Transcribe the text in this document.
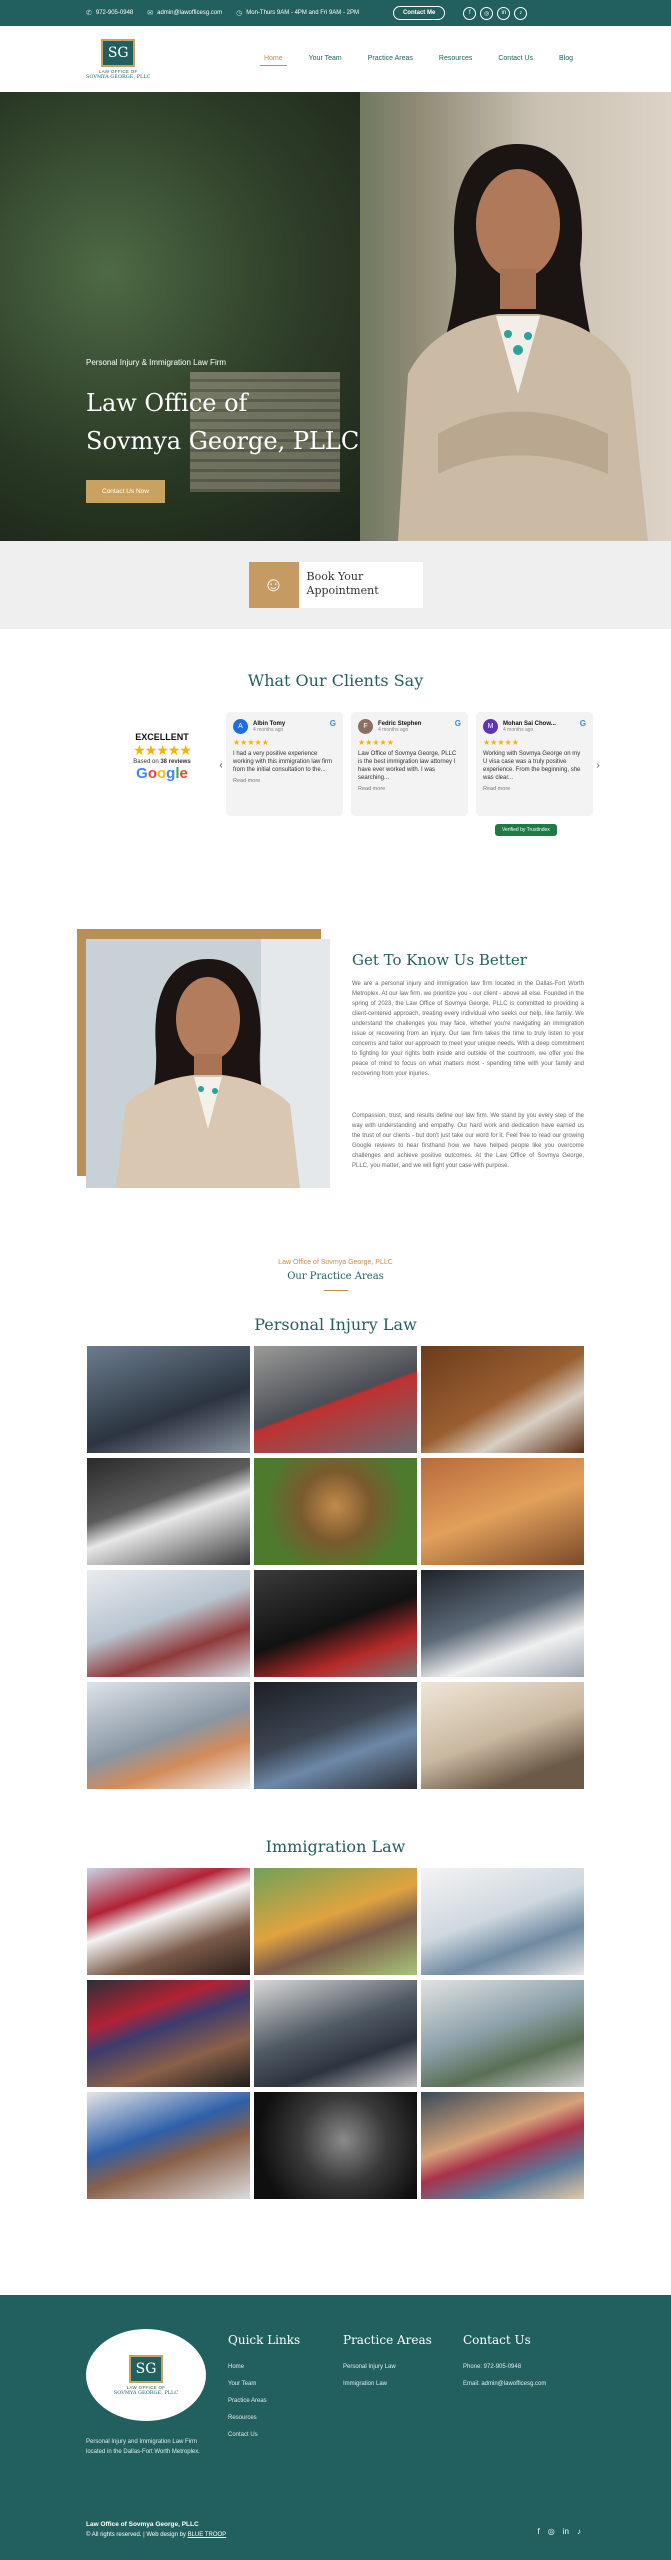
✆ 972-905-0948 ✉ admin@lawofficesg.com ◷ Mon-Thurs 9AM - 4PM and Fri 9AM - 2PM	Contact Me	f	◎	in	♪
SG
LAW OFFICE OF
SOVMYA GEORGE, PLLC
Home	Your Team	Practice Areas	Resources	Contact Us	Blog
Personal Injury & Immigration Law Firm
Law Office of
Sovmya George, PLLC
Contact Us Now
☺	Book Your
Appointment
What Our Clients Say
EXCELLENT
★★★★★
Based on 38 reviews
Google	‹
A	Albin Tomy
4 months ago
G
★★★★★
I had a very positive experience working with this immigration law firm from the initial consultation to the...
Read more
F	Fedric Stephen
4 months ago
G
★★★★★
Law Office of Sovmya George, PLLC is the best immigration law attorney I have ever worked with. I was searching...
Read more
M	Mohan Sai Chow...
4 months ago
G
★★★★★
Working with Sovmya George on my U visa case was a truly positive experience. From the beginning, she was clear...
Read more
›
Verified by Trustindex
Get To Know Us Better
We are a personal injury and immigration law firm located in the Dallas-Fort Worth Metroplex. At our law firm, we prioritize you - our client - above all else. Founded in the spring of 2023, the Law Office of Sovmya George, PLLC is committed to providing a client-centered approach, treating every individual who seeks our help, like family. We understand the challenges you may face, whether you're navigating an immigration issue or recovering from an injury. Our law firm takes the time to truly listen to your concerns and tailor our approach to meet your unique needs. With a deep commitment to fighting for your rights both inside and outside of the courtroom, we offer you the peace of mind to focus on what matters most - spending time with your family and recovering from your injuries.
Compassion, trust, and results define our law firm. We stand by you every step of the way with understanding and empathy. Our hard work and dedication have earned us the trust of our clients - but don't just take our word for it. Feel free to read our growing Google reviews to hear firsthand how we have helped people like you overcome challenges and achieve positive outcomes. At the Law Office of Sovmya George, PLLC, you matter, and we will fight your case with purpose.
Law Office of Sovmya George, PLLC
Our Practice Areas
Personal Injury Law
Immigration Law
SG
LAW OFFICE OF
SOVMYA GEORGE, PLLC
Personal Injury and Immigration Law Firm located in the Dallas-Fort Worth Metroplex.
Quick Links
Home
Your Team
Practice Areas
Resources
Contact Us
Practice Areas
Personal Injury Law
Immigration Law
Contact Us
Phone: 972-905-0948
Email: admin@lawofficesg.com
Law Office of Sovmya George, PLLC
© All rights reserved. | Web design by BLUE TROOP	f ◎ in ♪
